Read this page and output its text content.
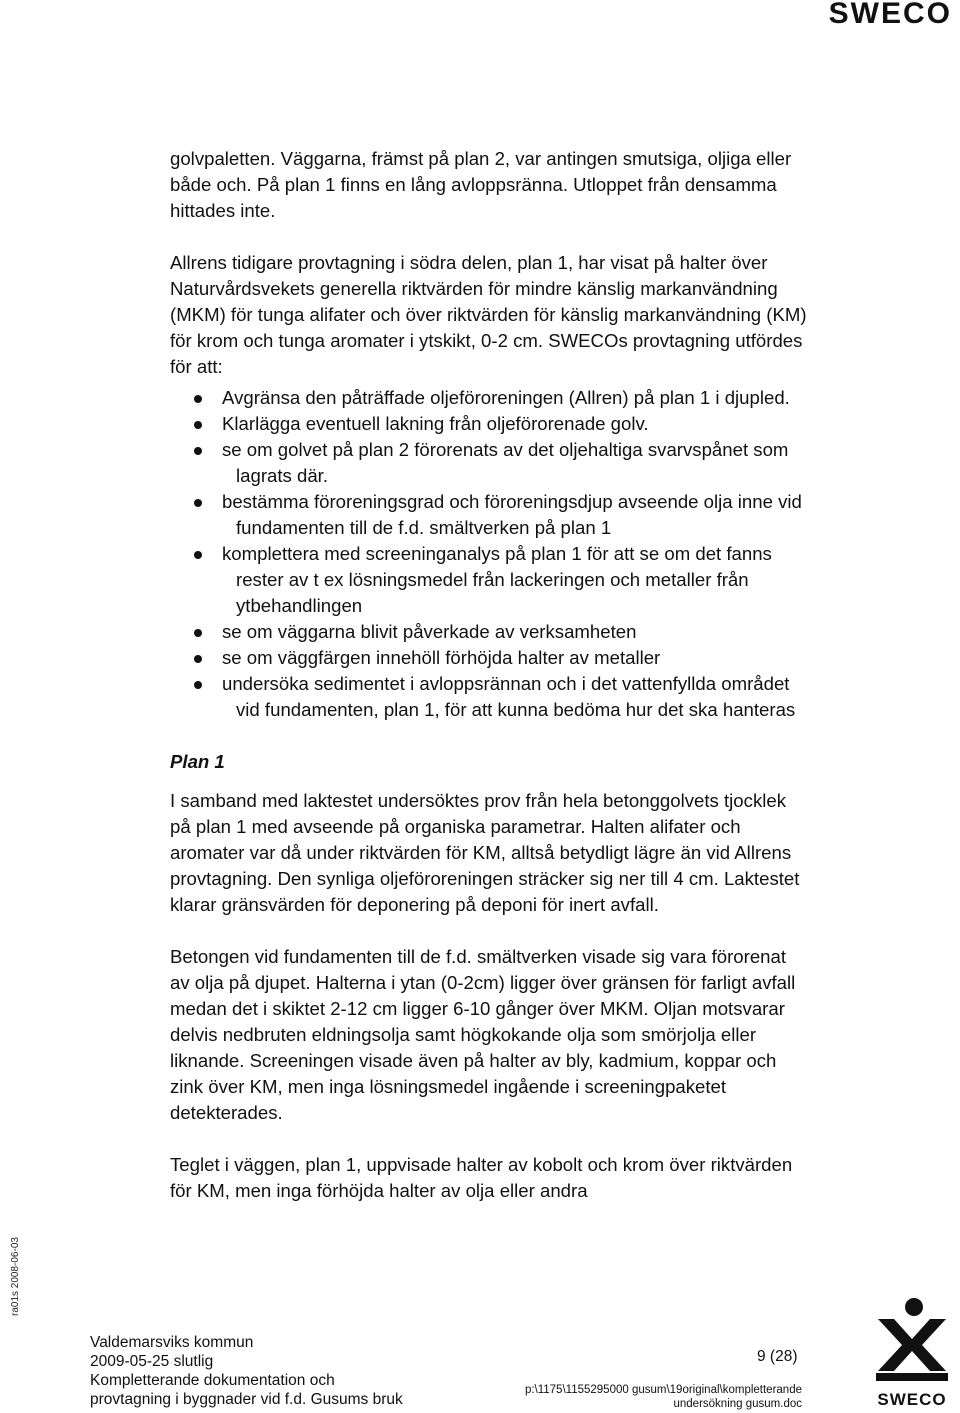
SWECO

golvpaletten. Väggarna, främst på plan 2, var antingen smutsiga, oljiga eller både och. På plan 1 finns en lång avloppsränna. Utloppet från densamma hittades inte.

Allrens tidigare provtagning i södra delen, plan 1, har visat på halter över Naturvårdsvekets generella riktvärden för mindre känslig markanvändning (MKM) för tunga alifater och över riktvärden för känslig markanvändning (KM) för krom och tunga aromater i ytskikt, 0-2 cm. SWECOs provtagning utfördes för att:

Avgränsa den påträffade oljeföroreningen (Allren) på plan 1 i djupled.
Klarlägga eventuell lakning från oljeförorenade golv.
se om golvet på plan 2 förorenats av det oljehaltiga svarvspånet som lagrats där.
bestämma föroreningsgrad och föroreningsdjup avseende olja inne vid fundamenten till de f.d. smältverken på plan 1
komplettera med screeninganalys på plan 1 för att se om det fanns rester av t ex lösningsmedel från lackeringen och metaller från ytbehandlingen
se om väggarna blivit påverkade av verksamheten
se om väggfärgen innehöll förhöjda halter av metaller
undersöka sedimentet i avloppsrännan och i det vattenfyllda området vid fundamenten, plan 1, för att kunna bedöma hur det ska hanteras
Plan 1

I samband med laktestet undersöktes prov från hela betonggolvets tjocklek på plan 1 med avseende på organiska parametrar. Halten alifater och aromater var då under riktvärden för KM, alltså betydligt lägre än vid Allrens provtagning. Den synliga oljeföroreningen sträcker sig ner till 4 cm. Laktestet klarar gränsvärden för deponering på deponi för inert avfall.

Betongen vid fundamenten till de f.d. smältverken visade sig vara förorenat av olja på djupet. Halterna i ytan (0-2cm) ligger över gränsen för farligt avfall medan det i skiktet 2-12 cm ligger 6-10 gånger över MKM. Oljan motsvarar delvis nedbruten eldningsolja samt högkokande olja som smörjolja eller liknande. Screeningen visade även på halter av bly, kadmium, koppar och zink över KM, men inga lösningsmedel ingående i screeningpaketet detekterades.

Teglet i väggen, plan 1, uppvisade halter av kobolt och krom över riktvärden för KM, men inga förhöjda halter av olja eller andra

ra01s 2008-06-03
Valdemarsviks kommun
2009-05-25 slutlig
Kompletterande dokumentation och
provtagning i byggnader vid f.d. Gusums bruk
9 (28)
p:\1175\1155295000 gusum\19original\kompletterande
undersökning gusum.doc	SWECO
